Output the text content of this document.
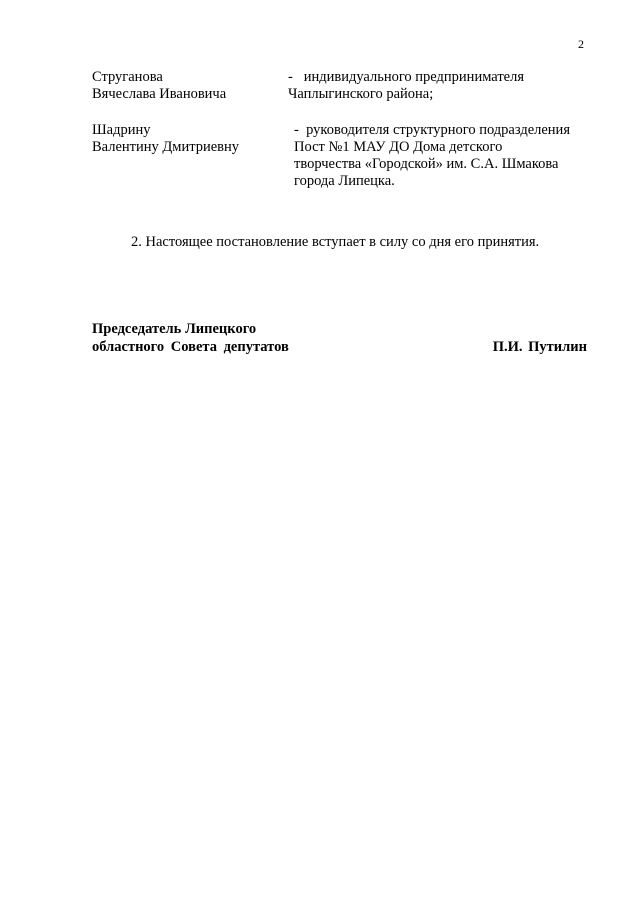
2
Струганова
Вячеслава Ивановича
-   индивидуального предпринимателя
Чаплыгинского района;
Шадрину
Валентину Дмитриевну
-  руководителя структурного подразделения
Пост №1 МАУ ДО Дома детского
творчества «Городской» им. С.А. Шмакова
города Липецка.
2. Настоящее постановление вступает в силу со дня его принятия.
Председатель Липецкого
областного Совета депутатов	П.И. Путилин
